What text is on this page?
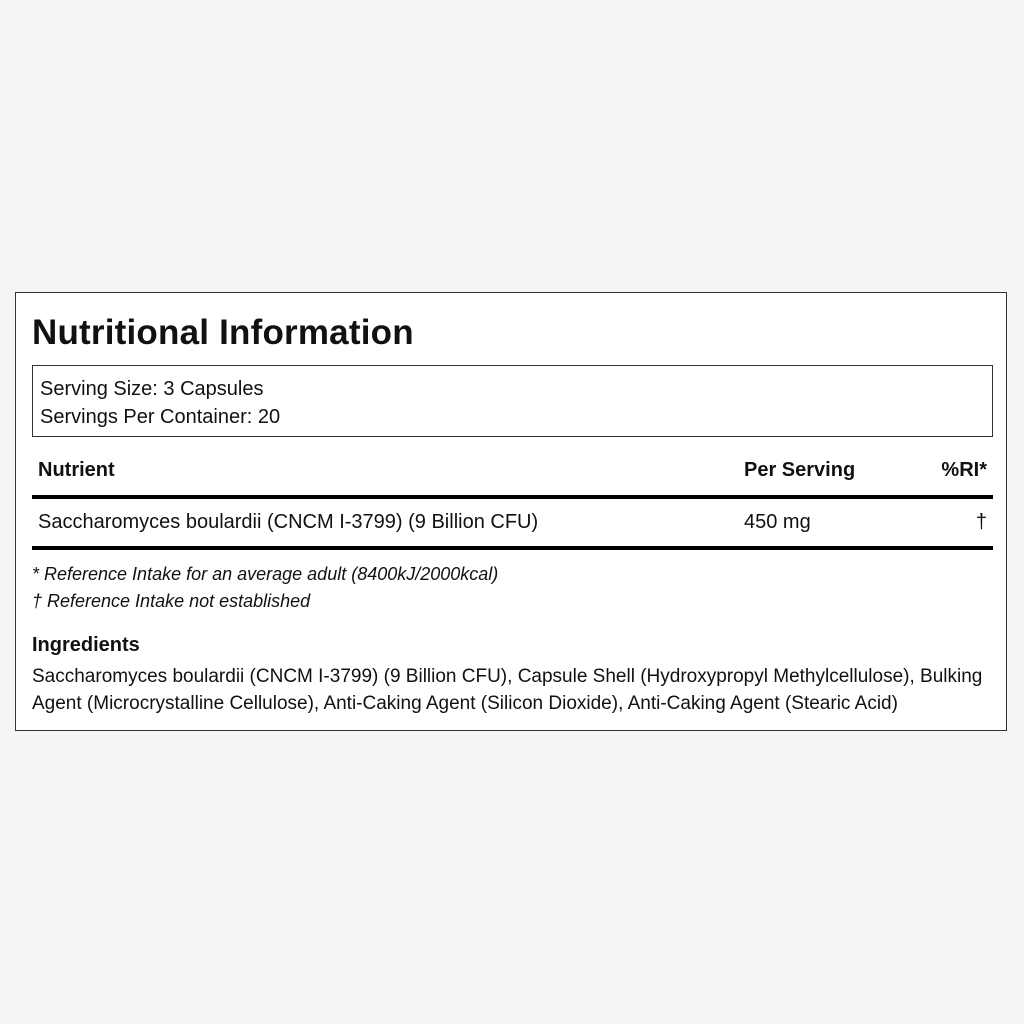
Nutritional Information
Serving Size: 3 Capsules
Servings Per Container: 20
Nutrient	Per Serving	%RI*
Saccharomyces boulardii (CNCM I-3799) (9 Billion CFU)	450 mg	†
* Reference Intake for an average adult (8400kJ/2000kcal)
† Reference Intake not established
Ingredients

Saccharomyces boulardii (CNCM I-3799) (9 Billion CFU), Capsule Shell (Hydroxypropyl Methylcellulose), Bulking Agent (Microcrystalline Cellulose), Anti-Caking Agent (Silicon Dioxide), Anti-Caking Agent (Stearic Acid)
